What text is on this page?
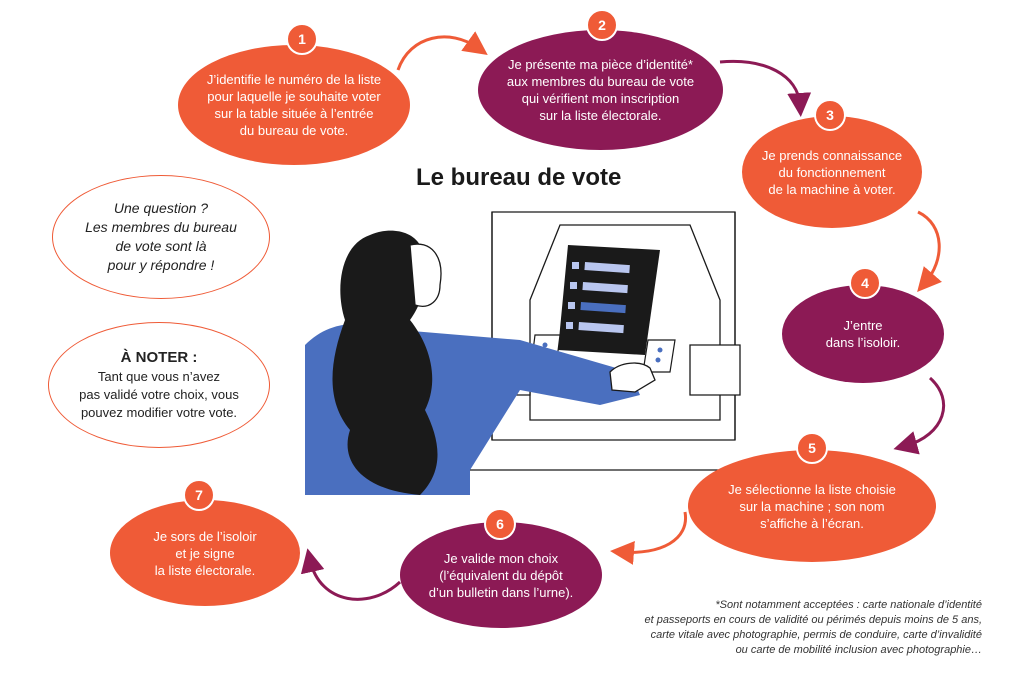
Le bureau de vote
J’identifie le numéro de la liste
pour laquelle je souhaite voter
sur la table située à l’entrée
du bureau de vote.
1
Je présente ma pièce d’identité*
aux membres du bureau de vote
qui vérifient mon inscription
sur la liste électorale.
2
Je prends connaissance
du fonctionnement
de la machine à voter.
3
J’entre
dans l’isoloir.
4
Je sélectionne la liste choisie
sur la machine ; son nom
s’affiche à l’écran.
5
Je valide mon choix
(l’équivalent du dépôt
d’un bulletin dans l’urne).
6
Je sors de l’isoloir
et je signe
la liste électorale.
7
Une question ?
Les membres du bureau
de vote sont là
pour y répondre !
À NOTER :
Tant que vous n’avez
pas validé votre choix, vous
pouvez modifier votre vote.
*Sont notamment acceptées : carte nationale d’identité
et passeports en cours de validité ou périmés depuis moins de 5 ans,
carte vitale avec photographie, permis de conduire, carte d’invalidité
ou carte de mobilité inclusion avec photographie…
